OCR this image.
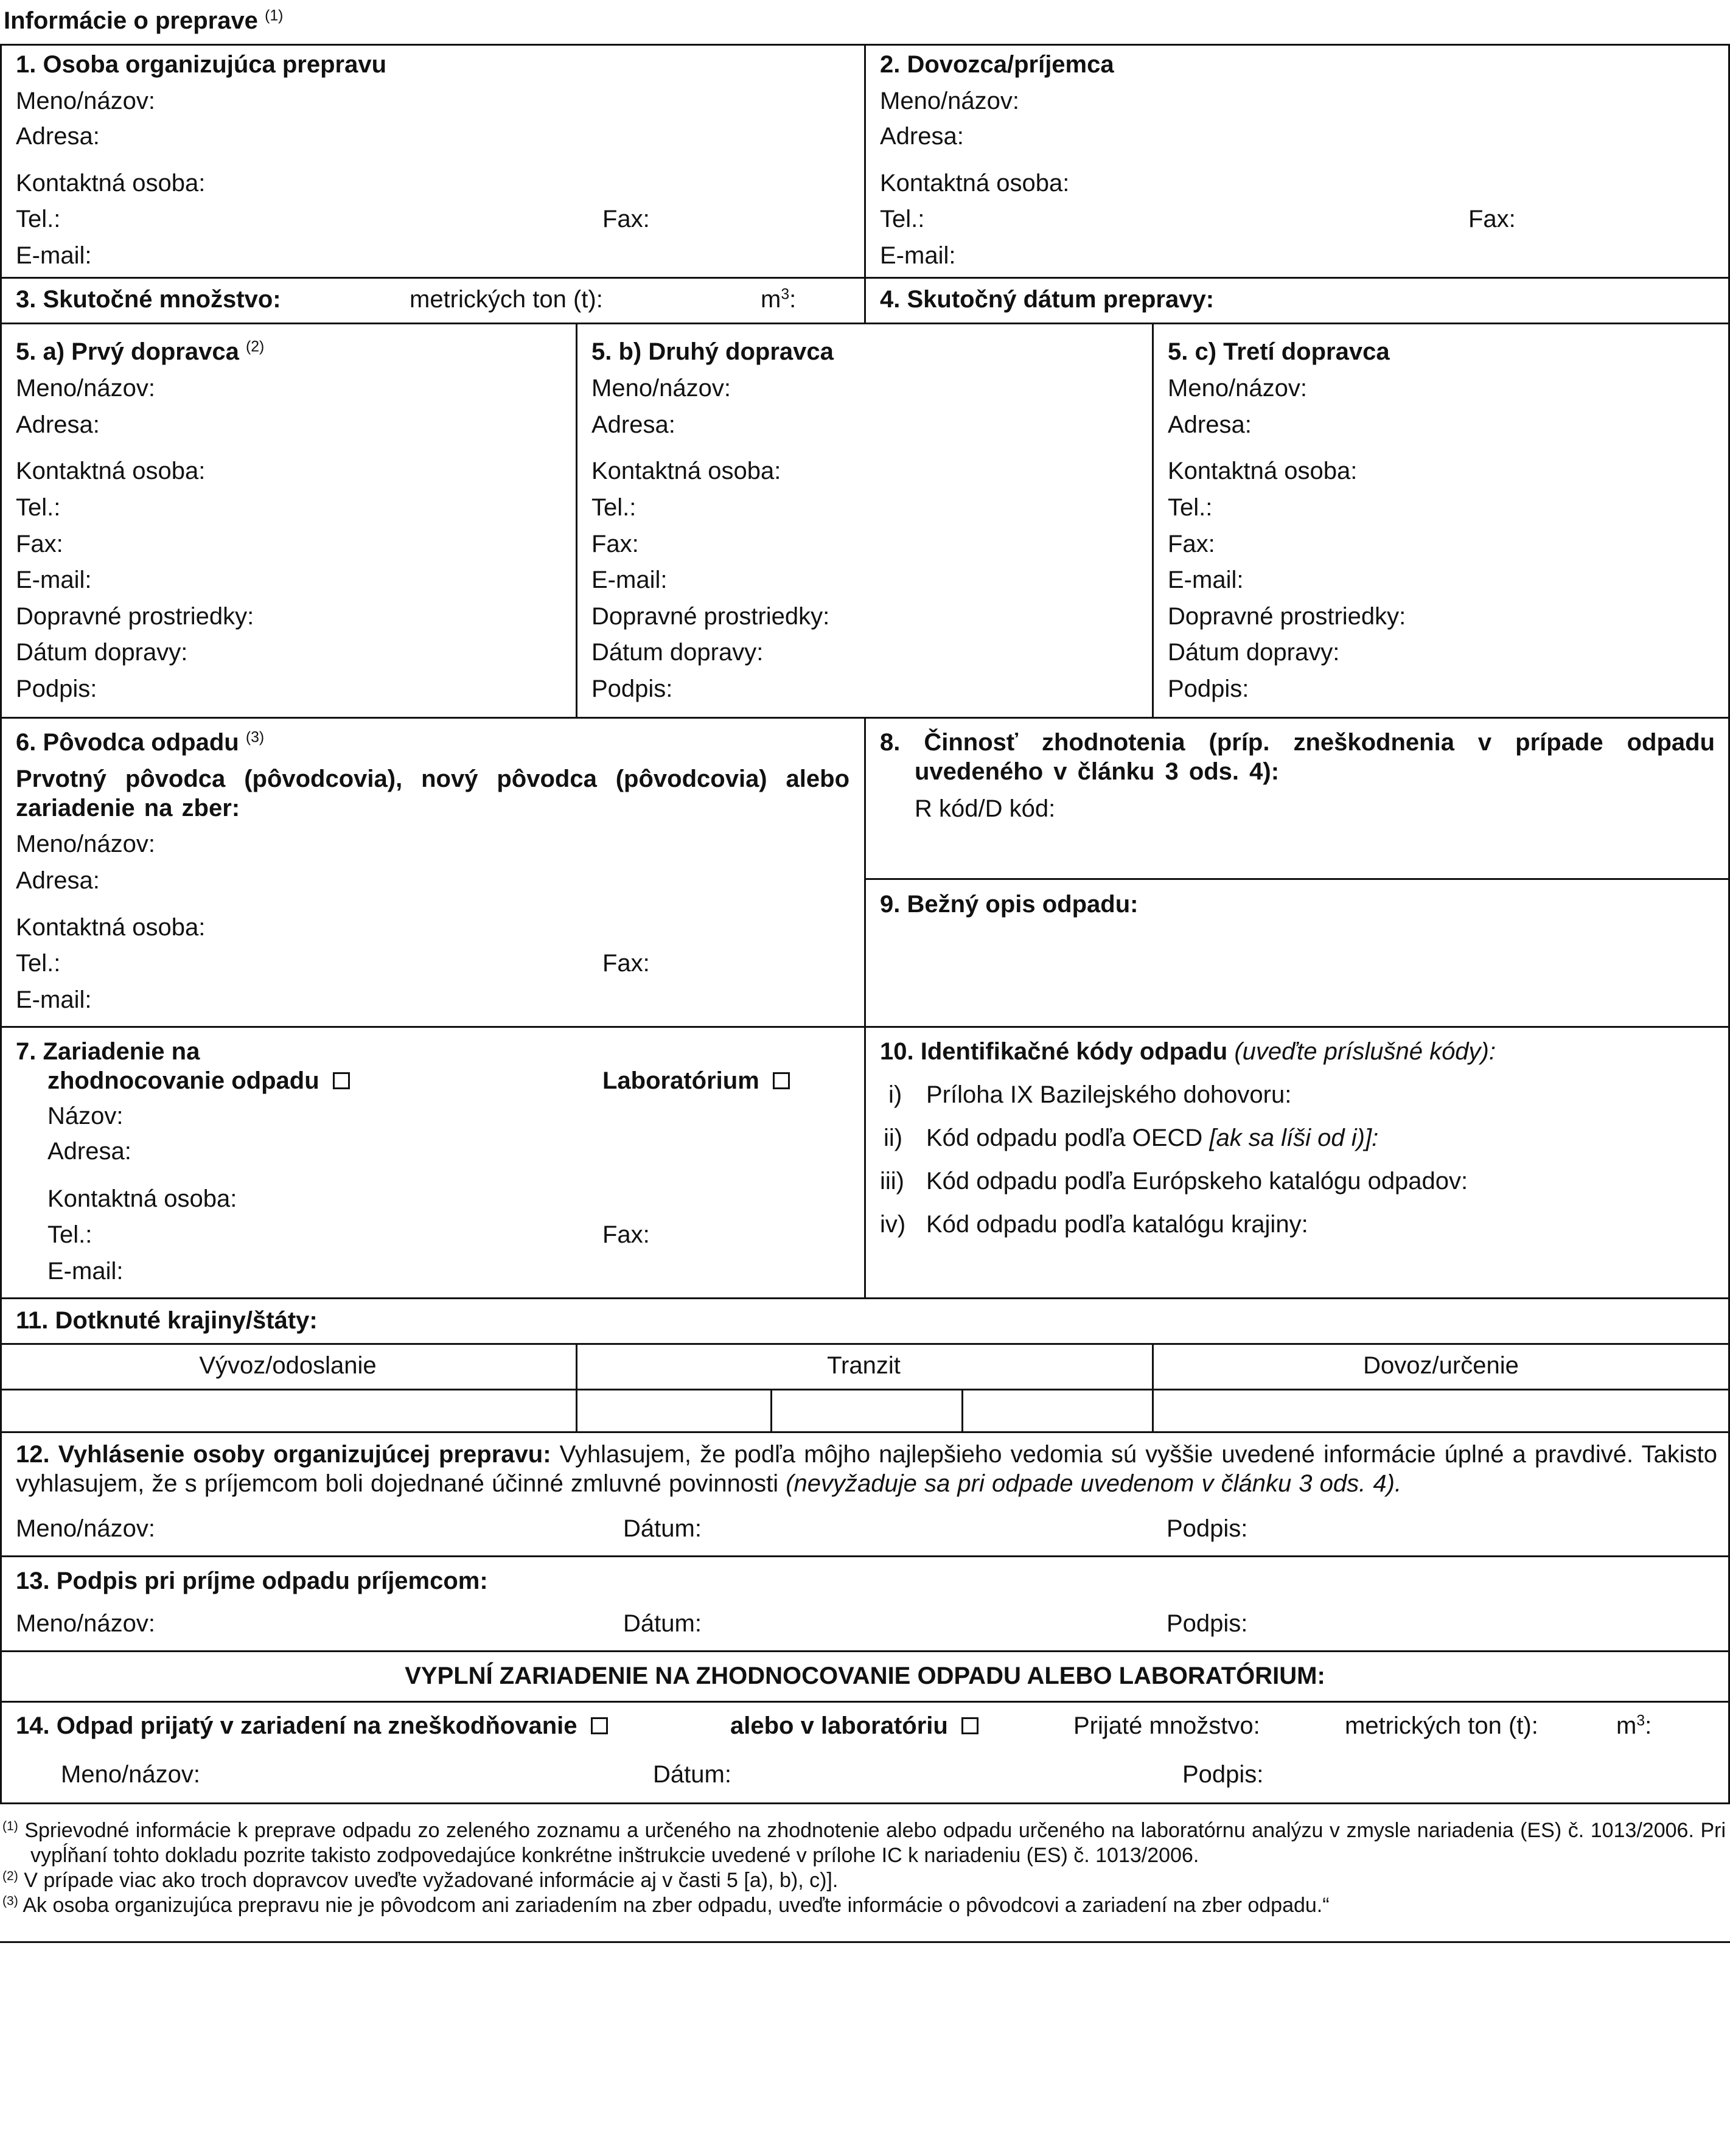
Informácie o preprave $^{(1)}$
1. Osoba organizujúca prepravu
Meno/názov:
Adresa:
Kontaktná osoba:
Tel.:	Fax:
E-mail:
2. Dovozca/príjemca
Meno/názov:
Adresa:
Kontaktná osoba:
Tel.:	Fax:
E-mail:
3. Skutočné množstvo:	metrických ton (t):	$m^3$:	4. Skutočný dátum prepravy:
5. a) Prvý dopravca $^{(2)}$
Meno/názov:
Adresa:
Kontaktná osoba:
Tel.:
Fax:
E-mail:
Dopravné prostriedky:
Dátum dopravy:
Podpis:
5. b) Druhý dopravca
Meno/názov:
Adresa:
Kontaktná osoba:
Tel.:
Fax:
E-mail:
Dopravné prostriedky:
Dátum dopravy:
Podpis:
5. c) Tretí dopravca
Meno/názov:
Adresa:
Kontaktná osoba:
Tel.:
Fax:
E-mail:
Dopravné prostriedky:
Dátum dopravy:
Podpis:
6. Pôvodca odpadu $^{(3)}$
Prvotný pôvodca (pôvodcovia), nový pôvodca (pôvodcovia) alebo zariadenie na zber:
Meno/názov:
Adresa:
Kontaktná osoba:
Tel.:	Fax:
E-mail:
8. Činnosť zhodnotenia (príp. zneškodnenia v prípade odpadu uvedeného v článku 3 ods. 4):
R kód/D kód:
9. Bežný opis odpadu:
7. Zariadenie na
zhodnocovanie odpadu	Laboratórium
Názov:
Adresa:
Kontaktná osoba:
Tel.:	Fax:
E-mail:
10. Identifikačné kódy odpadu (uveďte príslušné kódy):
i) Príloha IX Bazilejského dohovoru:
ii) Kód odpadu podľa OECD [ak sa líši od i)]:
iii) Kód odpadu podľa Európskeho katalógu odpadov:
iv) Kód odpadu podľa katalógu krajiny:
11. Dotknuté krajiny/štáty:
Vývoz/odoslanie	Tranzit	Dovoz/určenie
12. Vyhlásenie osoby organizujúcej prepravu: Vyhlasujem, že podľa môjho najlepšieho vedomia sú vyššie uvedené informácie úplné a pravdivé. Takisto vyhlasujem, že s príjemcom boli dojednané účinné zmluvné povinnosti (nevyžaduje sa pri odpade uvedenom v článku 3 ods. 4).
Meno/názov:	Dátum:	Podpis:
13. Podpis pri príjme odpadu príjemcom:
Meno/názov:	Dátum:	Podpis:
VYPLNÍ ZARIADENIE NA ZHODNOCOVANIE ODPADU ALEBO LABORATÓRIUM:
14. Odpad prijatý v zariadení na zneškodňovanie	alebo v laboratóriu	Prijaté množstvo:	metrických ton (t):	$m^3$:
Meno/názov:	Dátum:	Podpis:
$^{(1)}$ Sprievodné informácie k preprave odpadu zo zeleného zoznamu a určeného na zhodnotenie alebo odpadu určeného na laboratórnu analýzu v zmysle nariadenia (ES) č. 1013/2006. Pri vypĺňaní tohto dokladu pozrite takisto zodpovedajúce konkrétne inštrukcie uvedené v prílohe IC k nariadeniu (ES) č. 1013/2006.
$^{(2)}$ V prípade viac ako troch dopravcov uveďte vyžadované informácie aj v časti 5 [a), b), c)].
$^{(3)}$ Ak osoba organizujúca prepravu nie je pôvodcom ani zariadením na zber odpadu, uveďte informácie o pôvodcovi a zariadení na zber odpadu.“
